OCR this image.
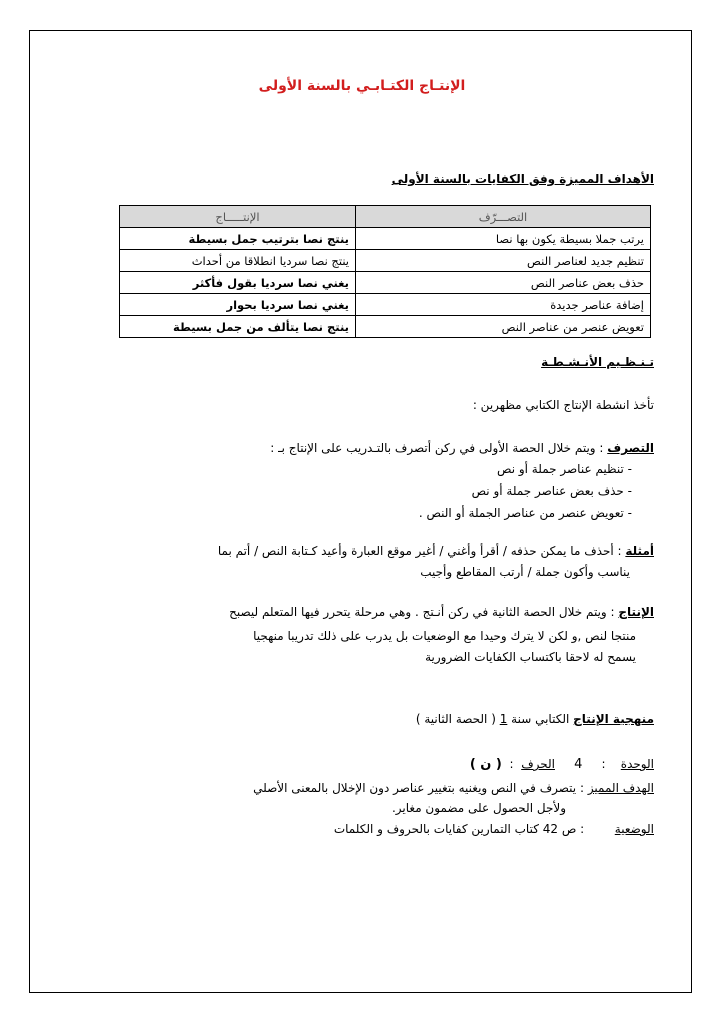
الإنتـاج الكتـابـي بالسنة الأولى
الأهداف المميزة وفق الكفايات بالسنة الأولى
التصـــرّف	الإنتـــــاج
يرتب جملا بسيطة يكون بها نصا	ينتج نصا بترتيب جمل بسيطة
تنظيم جديد لعناصر النص	ينتج نصا سرديا انطلاقا من أحداث
حذف بعض عناصر النص	يغني نصا سرديا بقول فأكثر
إضافة عناصر جديدة	يغني نصا سرديا بحوار
تعويض عنصر من عناصر النص	ينتج نصا يتألف من جمل بسيطة
تـنـظـيم الأنـشـطـة
تأخذ انشطة الإنتاج الكتابي مظهرين :
التصرف : ويتم خلال الحصة الأولى في ركن أتصرف بالتـدريب على الإنتاج بـ :
- تنظيم عناصر جملة أو نص
- حذف بعض عناصر جملة أو نص
- تعويض عنصر من عناصر الجملة أو النص .
أمثلة : أحذف ما يمكن حذفه / أقرأ وأغني / أغير موقع العبارة وأعيد كـتابة النص / أتم بما
يناسب وأكون جملة / أرتب المقاطع وأجيب
الإنتاج : ويتم خلال الحصة الثانية في ركن أنـتج . وهي مرحلة يتحرر فيها المتعلم ليصبح
منتجا لنص ,و لكن لا يترك وحيدا مع الوضعيات بل يدرب على ذلك تدريبا منهجيا
يسمح له لاحقا باكتساب الكفايات الضرورية
منهجية الإنتاج الكتابي سنة 1 ( الحصة الثانية )
الوحدة    :     4     الحرف  :  ( ن )
الهدف المميز : يتصرف في النص ويغنيه بتغيير عناصر دون الإخلال بالمعنى الأصلي
ولأجل الحصول على مضمون مغاير.
الوضعية        : ص 42 كتاب التمارين كفايات بالحروف و الكلمات
